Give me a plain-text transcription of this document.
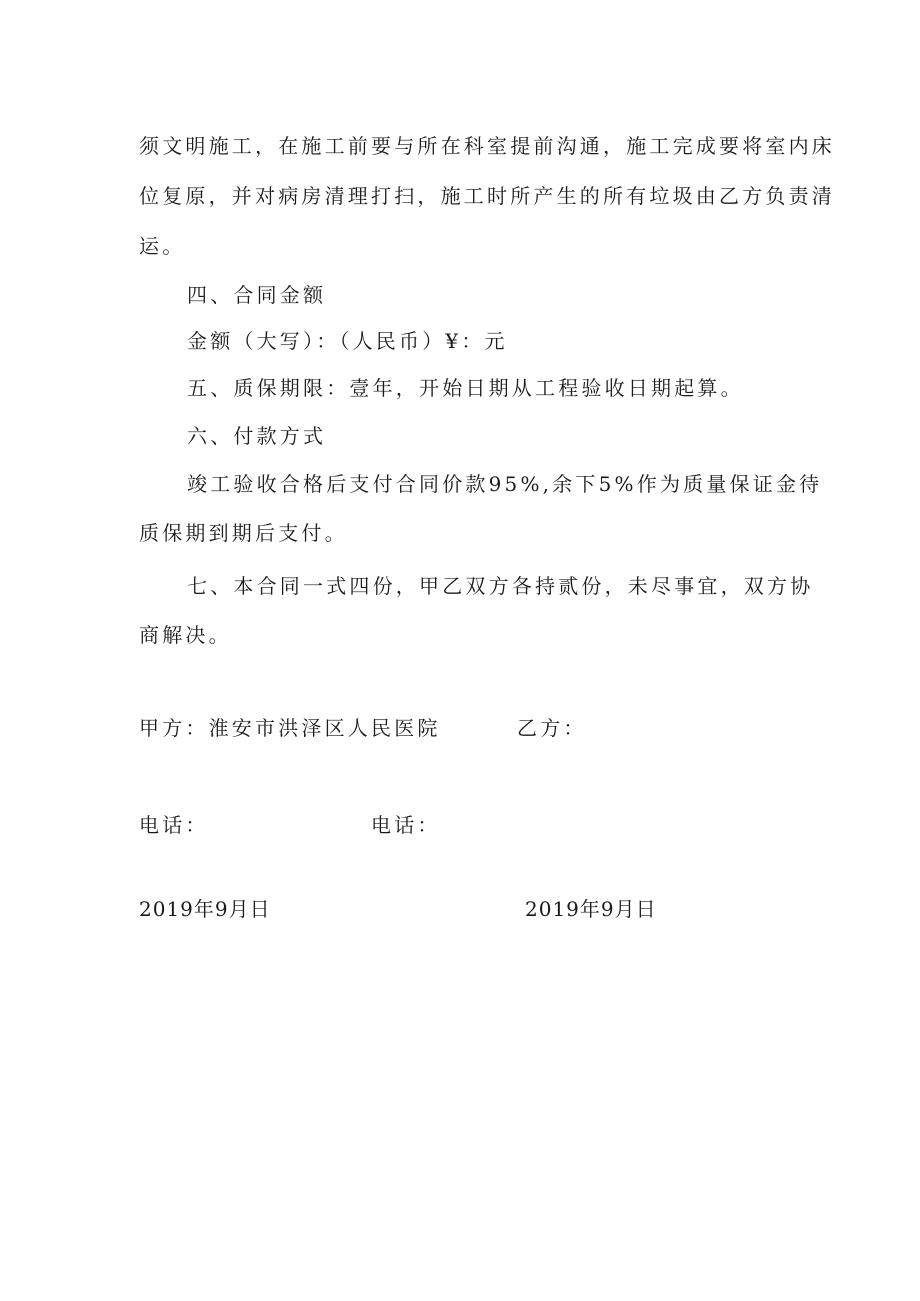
须文明施工，在施工前要与所在科室提前沟通，施工完成要将室内床
位复原，并对病房清理打扫，施工时所产生的所有垃圾由乙方负责清
运。
四、合同金额
金额（大写）：（人民币）¥：元
五、质保期限：壹年，开始日期从工程验收日期起算。
六、付款方式
竣工验收合格后支付合同价款95%,余下5%作为质量保证金待
质保期到期后支付。
七、本合同一式四份，甲乙双方各持贰份，未尽事宜，双方协
商解决。
甲方：淮安市洪泽区人民医院	乙方：
电话：	电话：
2019年9月日	2019年9月日
